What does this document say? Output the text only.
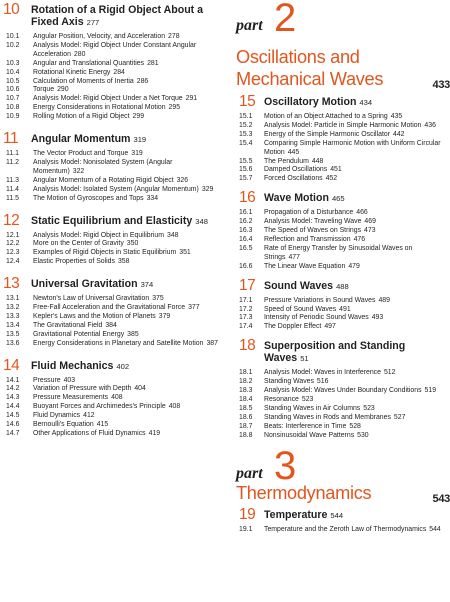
10 Rotation of a Rigid Object About a Fixed Axis 277
10.1 Angular Position, Velocity, and Acceleration 278
10.2 Analysis Model: Rigid Object Under Constant Angular Acceleration 280
10.3 Angular and Translational Quantities 281
10.4 Rotational Kinetic Energy 284
10.5 Calculation of Moments of Inertia 286
10.6 Torque 290
10.7 Analysis Model: Rigid Object Under a Net Torque 291
10.8 Energy Considerations in Rotational Motion 295
10.9 Rolling Motion of a Rigid Object 299
11 Angular Momentum 319
11.1 The Vector Product and Torque 319
11.2 Analysis Model: Nonisolated System (Angular Momentum) 322
11.3 Angular Momentum of a Rotating Rigid Object 326
11.4 Analysis Model: Isolated System (Angular Momentum) 329
11.5 The Motion of Gyroscopes and Tops 334
12 Static Equilibrium and Elasticity 348
12.1 Analysis Model: Rigid Object in Equilibrium 348
12.2 More on the Center of Gravity 350
12.3 Examples of Rigid Objects in Static Equilibrium 351
12.4 Elastic Properties of Solids 358
13 Universal Gravitation 374
13.1 Newton's Law of Universal Gravitation 375
13.2 Free-Fall Acceleration and the Gravitational Force 377
13.3 Kepler's Laws and the Motion of Planets 379
13.4 The Gravitational Field 384
13.5 Gravitational Potential Energy 385
13.6 Energy Considerations in Planetary and Satellite Motion 387
14 Fluid Mechanics 402
14.1 Pressure 403
14.2 Variation of Pressure with Depth 404
14.3 Pressure Measurements 408
14.4 Buoyant Forces and Archimedes's Principle 408
14.5 Fluid Dynamics 412
14.6 Bernoulli's Equation 415
14.7 Other Applications of Fluid Dynamics 419
part 2
Oscillations and
Mechanical Waves	433
15 Oscillatory Motion 434
15.1 Motion of an Object Attached to a Spring 435
15.2 Analysis Model: Particle in Simple Harmonic Motion 436
15.3 Energy of the Simple Harmonic Oscillator 442
15.4 Comparing Simple Harmonic Motion with Uniform Circular Motion 445
15.5 The Pendulum 448
15.6 Damped Oscillations 451
15.7 Forced Oscillations 452
16 Wave Motion 465
16.1 Propagation of a Disturbance 466
16.2 Analysis Model: Traveling Wave 469
16.3 The Speed of Waves on Strings 473
16.4 Reflection and Transmission 476
16.5 Rate of Energy Transfer by Sinusoidal Waves on Strings 477
16.6 The Linear Wave Equation 479
17 Sound Waves 488
17.1 Pressure Variations in Sound Waves 489
17.2 Speed of Sound Waves 491
17.3 Intensity of Periodic Sound Waves 493
17.4 The Doppler Effect 497
18 Superposition and Standing Waves 51
18.1 Analysis Model: Waves in Interference 512
18.2 Standing Waves 516
18.3 Analysis Model: Waves Under Boundary Conditions 519
18.4 Resonance 523
18.5 Standing Waves in Air Columns 523
18.6 Standing Waves in Rods and Membranes 527
18.7 Beats: Interference in Time 528
18.8 Nonsinusoidal Wave Patterns 530
part 3
Thermodynamics	543
19 Temperature 544
19.1 Temperature and the Zeroth Law of Thermodynamics 544
